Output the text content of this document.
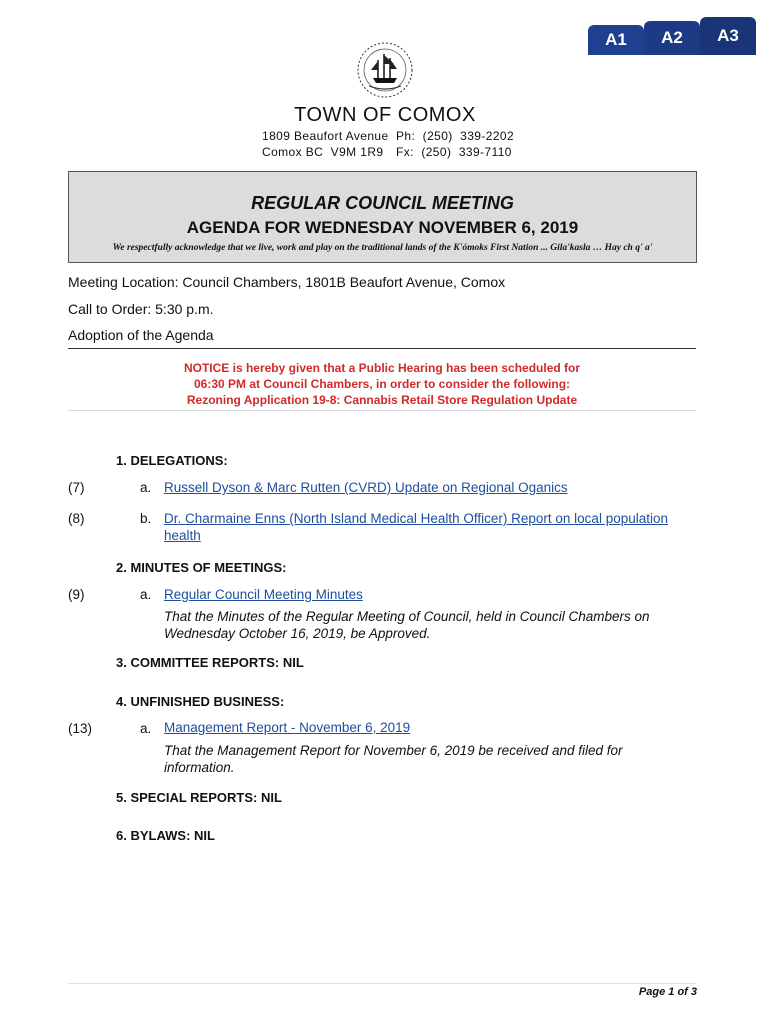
A1	A2	A3
TOWN OF COMOX
1809 Beaufort Avenue
Comox BC  V9M 1R9
Ph:  (250)  339-2202
Fx:  (250)  339-7110
REGULAR COUNCIL MEETING
AGENDA FOR WEDNESDAY NOVEMBER 6, 2019
We respectfully acknowledge that we live, work and play on the traditional lands of the K'ómoks First Nation ... Gila'kasla … Hay ch q' a'
Meeting Location: Council Chambers, 1801B Beaufort Avenue, Comox
Call to Order: 5:30 p.m.
Adoption of the Agenda
NOTICE is hereby given that a Public Hearing has been scheduled for
06:30 PM at Council Chambers, in order to consider the following:
Rezoning Application 19-8: Cannabis Retail Store Regulation Update
1. DELEGATIONS:
(7)	a. Russell Dyson & Marc Rutten (CVRD) Update on Regional Oganics
(8)	b. Dr. Charmaine Enns (North Island Medical Health Officer) Report on local population
health
2. MINUTES OF MEETINGS:
(9)	a. Regular Council Meeting Minutes
That the Minutes of the Regular Meeting of Council, held in Council Chambers on
Wednesday October 16, 2019, be Approved.
3. COMMITTEE REPORTS: NIL
4. UNFINISHED BUSINESS:
(13)	a. Management Report - November 6, 2019
That the Management Report for November 6, 2019 be received and filed for
information.
5. SPECIAL REPORTS: NIL
6. BYLAWS: NIL
Page 1 of 3
